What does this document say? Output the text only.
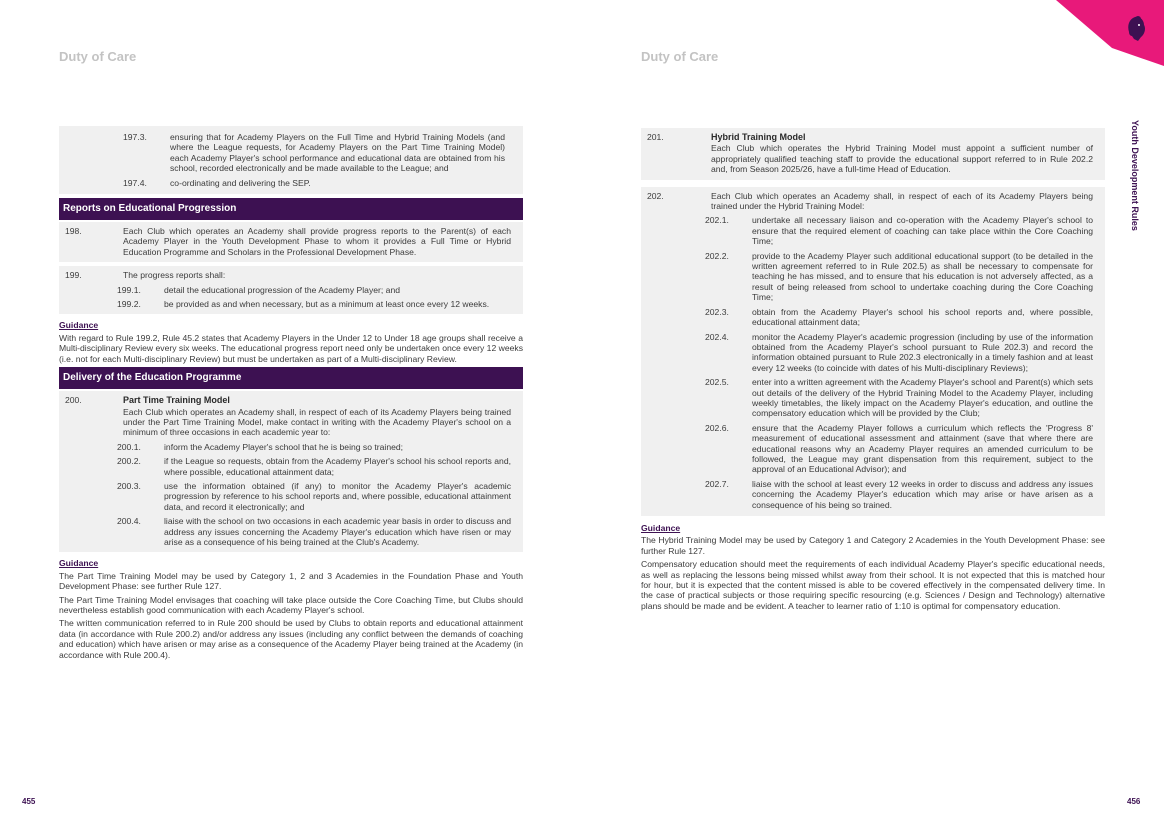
Duty of Care
197.3.	ensuring that for Academy Players on the Full Time and Hybrid Training Models (and where the League requests, for Academy Players on the Part Time Training Model) each Academy Player's school performance and educational data are obtained from his school, recorded electronically and be made available to the League; and
197.4.	co-ordinating and delivering the SEP.
Reports on Educational Progression
198.	Each Club which operates an Academy shall provide progress reports to the Parent(s) of each Academy Player in the Youth Development Phase to whom it provides a Full Time or Hybrid Education Programme and Scholars in the Professional Development Phase.

199.	The progress reports shall:

199.1.	detail the educational progression of the Academy Player; and
199.2.	be provided as and when necessary, but as a minimum at least once every 12 weeks.
Guidance

With regard to Rule 199.2, Rule 45.2 states that Academy Players in the Under 12 to Under 18 age groups shall receive a Multi-disciplinary Review every six weeks. The educational progress report need only be undertaken once every 12 weeks (i.e. not for each Multi-disciplinary Review) but must be undertaken as part of a Multi-disciplinary Review.

Delivery of the Education Programme
200.	Part Time Training Model

Each Club which operates an Academy shall, in respect of each of its Academy Players being trained under the Part Time Training Model, make contact in writing with the Academy Player's school on a minimum of three occasions in each academic year to:

200.1.	inform the Academy Player's school that he is being so trained;
200.2.	if the League so requests, obtain from the Academy Player's school his school reports and, where possible, educational attainment data;
200.3.	use the information obtained (if any) to monitor the Academy Player's academic progression by reference to his school reports and, where possible, educational attainment data, and record it electronically; and
200.4.	liaise with the school on two occasions in each academic year basis in order to discuss and address any issues concerning the Academy Player's education which have risen or may arise as a consequence of his being trained at the Club's Academy.
Guidance

The Part Time Training Model may be used by Category 1, 2 and 3 Academies in the Foundation Phase and Youth Development Phase: see further Rule 127.

The Part Time Training Model envisages that coaching will take place outside the Core Coaching Time, but Clubs should nevertheless establish good communication with each Academy Player's school.

The written communication referred to in Rule 200 should be used by Clubs to obtain reports and educational attainment data (in accordance with Rule 200.2) and/or address any issues (including any conflict between the demands of coaching and education) which have arisen or may arise as a consequence of the Academy Player being trained at the Academy (in accordance with Rule 200.4).

455
Duty of Care
Youth Development Rules
201.	Hybrid Training Model

Each Club which operates the Hybrid Training Model must appoint a sufficient number of appropriately qualified teaching staff to provide the educational support referred to in Rule 202.2 and, from Season 2025/26, have a full-time Head of Education.

202.	Each Club which operates an Academy shall, in respect of each of its Academy Players being trained under the Hybrid Training Model:

202.1.	undertake all necessary liaison and co-operation with the Academy Player's school to ensure that the required element of coaching can take place within the Core Coaching Time;
202.2.	provide to the Academy Player such additional educational support (to be detailed in the written agreement referred to in Rule 202.5) as shall be necessary to compensate for teaching he has missed, and to ensure that his education is not adversely affected, as a result of being released from school to undertake coaching during the Core Coaching Time;
202.3.	obtain from the Academy Player's school his school reports and, where possible, educational attainment data;
202.4.	monitor the Academy Player's academic progression (including by use of the information obtained from the Academy Player's school pursuant to Rule 202.3) and record the information obtained pursuant to Rule 202.3 electronically in a timely fashion and at least every 12 weeks (to coincide with dates of his Multi-disciplinary Reviews);
202.5.	enter into a written agreement with the Academy Player's school and Parent(s) which sets out details of the delivery of the Hybrid Training Model to the Academy Player, including weekly timetables, the likely impact on the Academy Player's education, and outline the compensatory education which will be provided by the Club;
202.6.	ensure that the Academy Player follows a curriculum which reflects the 'Progress 8' measurement of educational assessment and attainment (save that where there are educational reasons why an Academy Player requires an amended curriculum to be followed, the League may grant dispensation from this requirement, subject to the approval of an Educational Advisor); and
202.7.	liaise with the school at least every 12 weeks in order to discuss and address any issues concerning the Academy Player's education which may arise or have arisen as a consequence of his being so trained.
Guidance

The Hybrid Training Model may be used by Category 1 and Category 2 Academies in the Youth Development Phase: see further Rule 127.

Compensatory education should meet the requirements of each individual Academy Player's specific educational needs, as well as replacing the lessons being missed whilst away from their school. It is not expected that this is matched hour for hour, but it is expected that the content missed is able to be covered effectively in the compensated delivery time. In the case of practical subjects or those requiring specific resourcing (e.g. Sciences / Design and Technology) alternative plans should be made and be evident. A teacher to learner ratio of 1:10 is optimal for compensatory education.

456
